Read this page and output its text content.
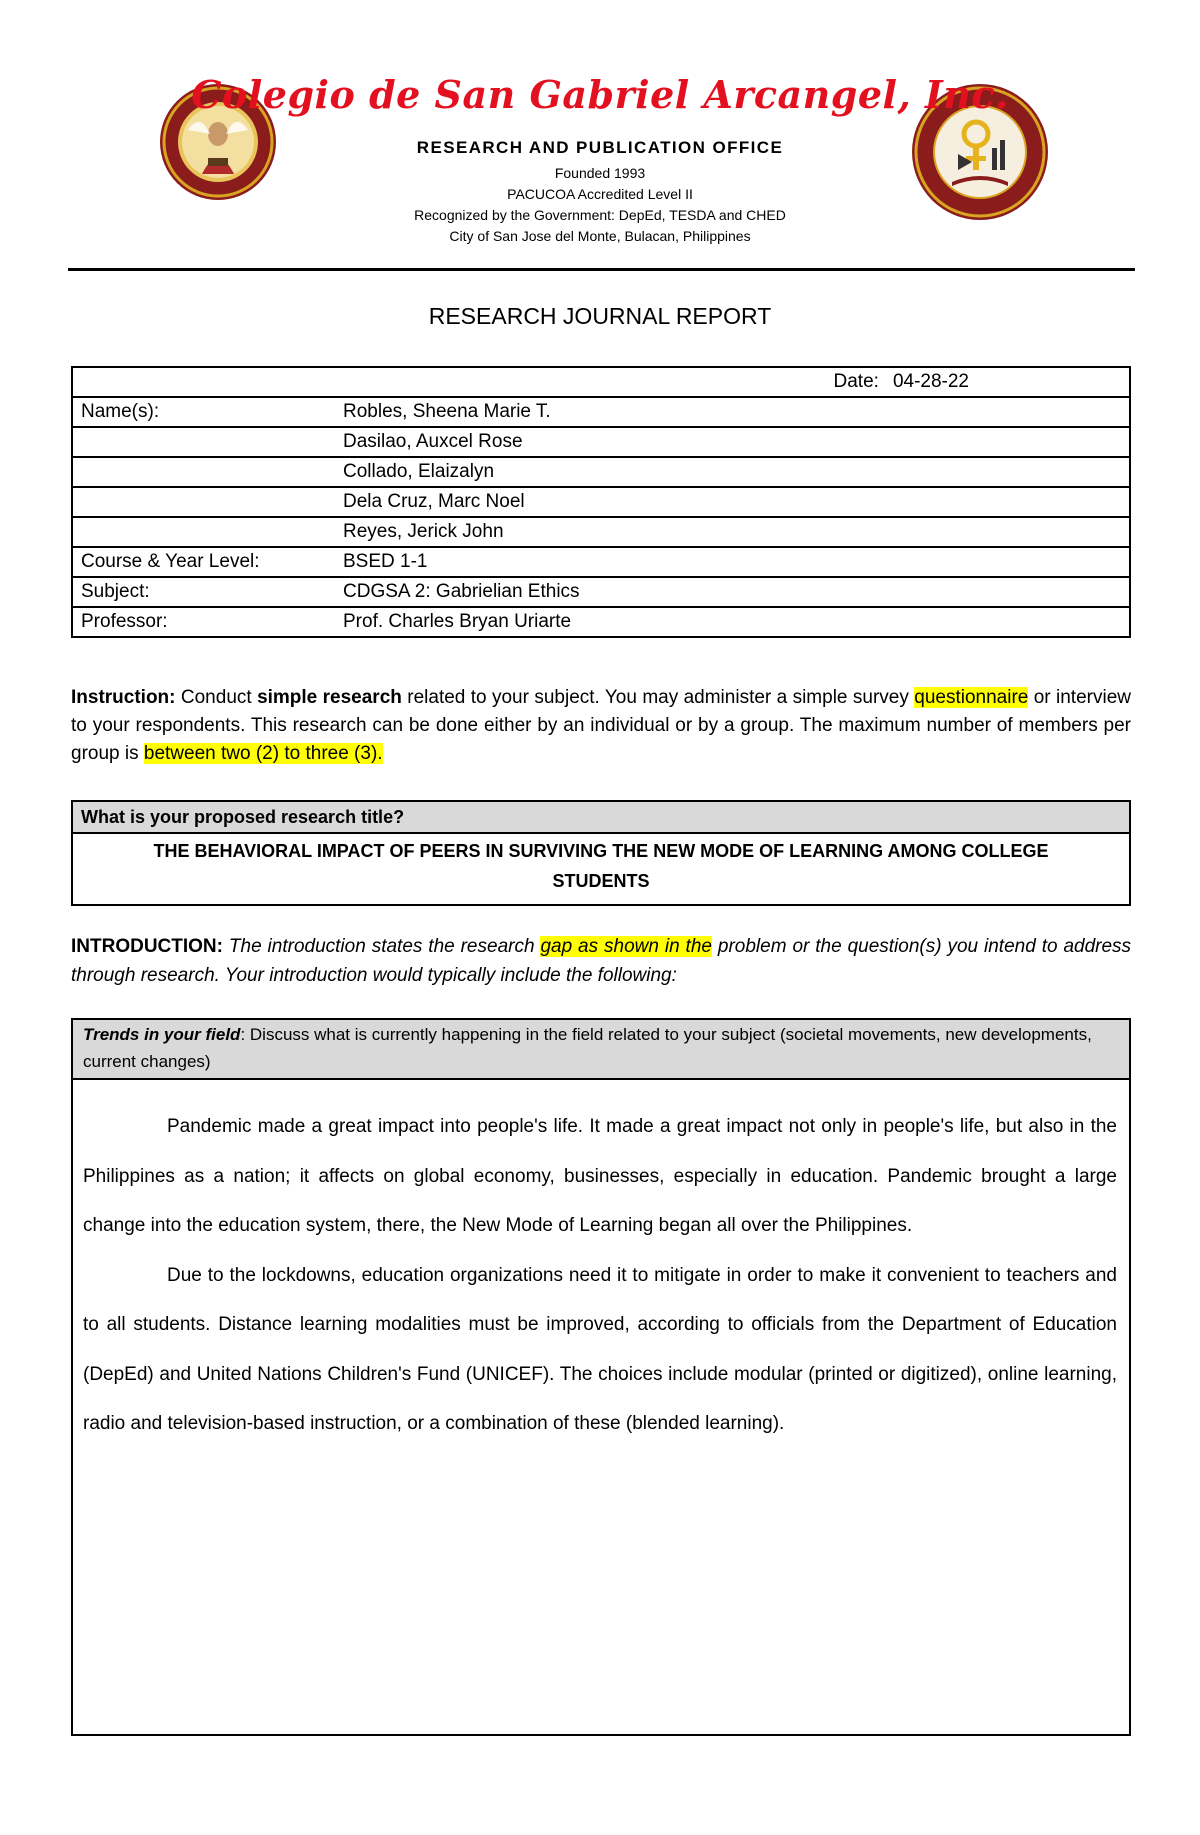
Colegio de San Gabriel Arcangel, Inc.
RESEARCH AND PUBLICATION OFFICE
Founded 1993
PACUCOA Accredited Level II
Recognized by the Government: DepEd, TESDA and CHED
City of San Jose del Monte, Bulacan, Philippines
RESEARCH JOURNAL REPORT
Date: 04-28-22	
Name(s):	Robles, Sheena Marie T.
	Dasilao, Auxcel Rose
	Collado, Elaizalyn
	Dela Cruz, Marc Noel
	Reyes, Jerick John
Course & Year Level:	BSED 1-1
Subject:	CDGSA 2: Gabrielian Ethics
Professor:	Prof. Charles Bryan Uriarte
Instruction: Conduct simple research related to your subject. You may administer a simple survey questionnaire or interview to your respondents. This research can be done either by an individual or by a group. The maximum number of members per group is between two (2) to three (3).
What is your proposed research title?
THE BEHAVIORAL IMPACT OF PEERS IN SURVIVING THE NEW MODE OF LEARNING AMONG COLLEGE STUDENTS
INTRODUCTION: The introduction states the research gap as shown in the problem or the question(s) you intend to address through research. Your introduction would typically include the following:
Trends in your field: Discuss what is currently happening in the field related to your subject (societal movements, new developments, current changes)

Pandemic made a great impact into people's life. It made a great impact not only in people's life, but also in the Philippines as a nation; it affects on global economy, businesses, especially in education. Pandemic brought a large change into the education system, there, the New Mode of Learning began all over the Philippines.

Due to the lockdowns, education organizations need it to mitigate in order to make it convenient to teachers and to all students. Distance learning modalities must be improved, according to officials from the Department of Education (DepEd) and United Nations Children's Fund (UNICEF). The choices include modular (printed or digitized), online learning, radio and television-based instruction, or a combination of these (blended learning).
